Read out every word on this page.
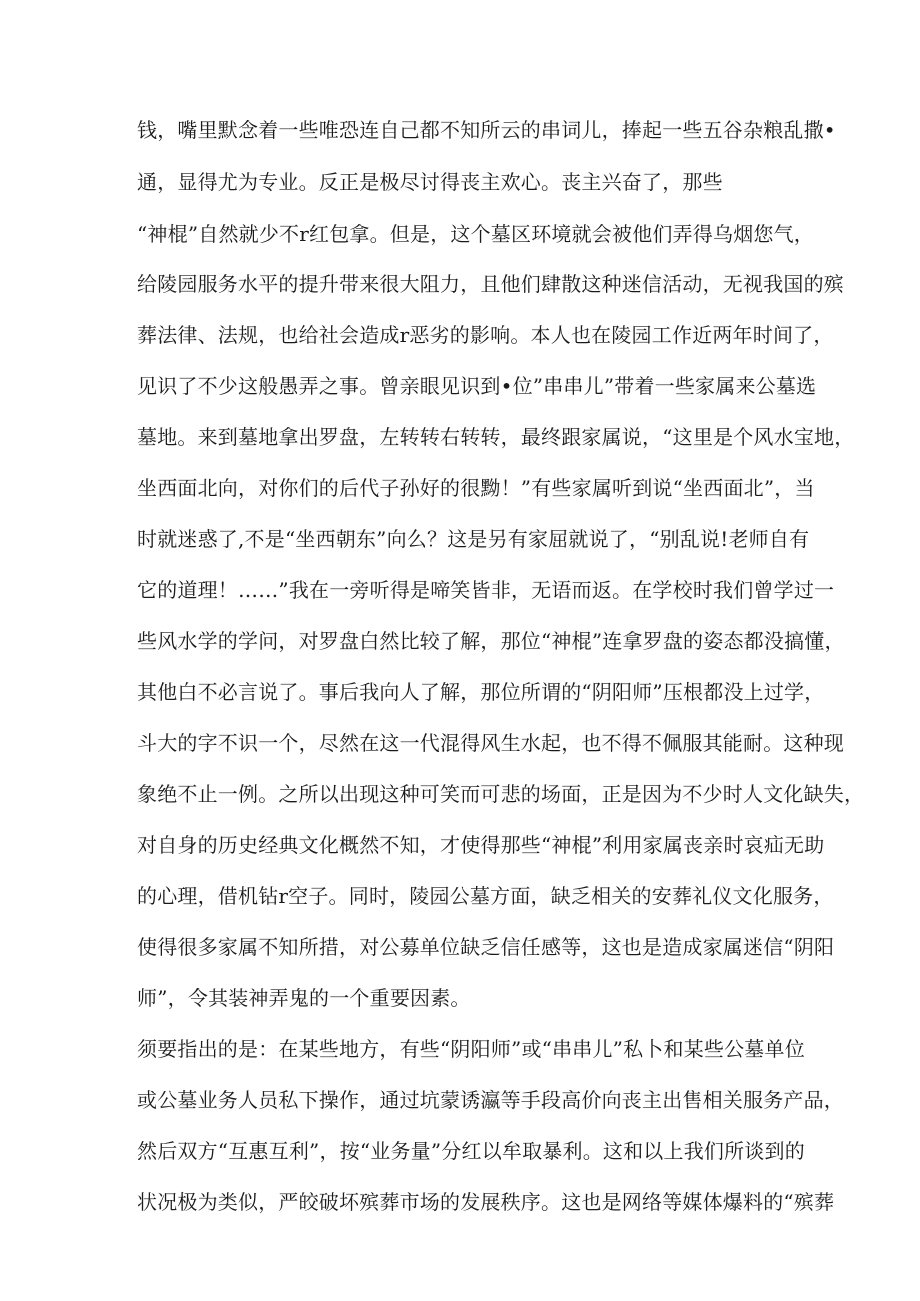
钱，嘴里默念着一些唯恐连自己都不知所云的串词儿，捧起一些五谷杂粮乱撒•
通，显得尤为专业。反正是极尽讨得丧主欢心。丧主兴奋了，那些
“神棍”自然就少不r红包拿。但是，这个墓区环境就会被他们弄得乌烟您气，
给陵园服务水平的提升带来很大阻力，且他们肆散这种迷信活动，无视我国的殡
葬法律、法规，也给社会造成r恶劣的影响。本人也在陵园工作近两年时间了，
见识了不少这般愚弄之事。曾亲眼见识到•位”串串儿”带着一些家属来公墓选
墓地。来到墓地拿出罗盘，左转转右转转，最终跟家属说，“这里是个风水宝地，
坐西面北向，对你们的后代子孙好的很黝！”有些家属听到说“坐西面北”，当
时就迷惑了,不是“坐西朝东”向么？这是另有家屈就说了，“别乱说!老师自有
它的道理！……”我在一旁听得是啼笑皆非，无语而返。在学校时我们曾学过一
些风水学的学问，对罗盘白然比较了解，那位“神棍”连拿罗盘的姿态都没搞懂，
其他白不必言说了。事后我向人了解，那位所谓的“阴阳师”压根都没上过学，
斗大的字不识一个，尽然在这一代混得风生水起，也不得不佩服其能耐。这种现
象绝不止一例。之所以出现这种可笑而可悲的场面，正是因为不少时人文化缺失，
对自身的历史经典文化概然不知，才使得那些“神棍”利用家属丧亲时哀疝无助
的心理，借机钻r空子。同时，陵园公墓方面，缺乏相关的安葬礼仪文化服务，
使得很多家属不知所措，对公募单位缺乏信任感等，这也是造成家属迷信“阴阳
师”，令其装神弄鬼的一个重要因素。
须要指出的是：在某些地方，有些“阴阳师”或“串串儿”私卜和某些公墓单位
或公墓业务人员私下操作，通过坑蒙诱瀛等手段高价向丧主出售相关服务产品，
然后双方“互惠互利”，按“业务量”分红以牟取暴利。这和以上我们所谈到的
状况极为类似，严皎破坏殡葬市场的发展秩序。这也是网络等媒体爆料的“殡葬
